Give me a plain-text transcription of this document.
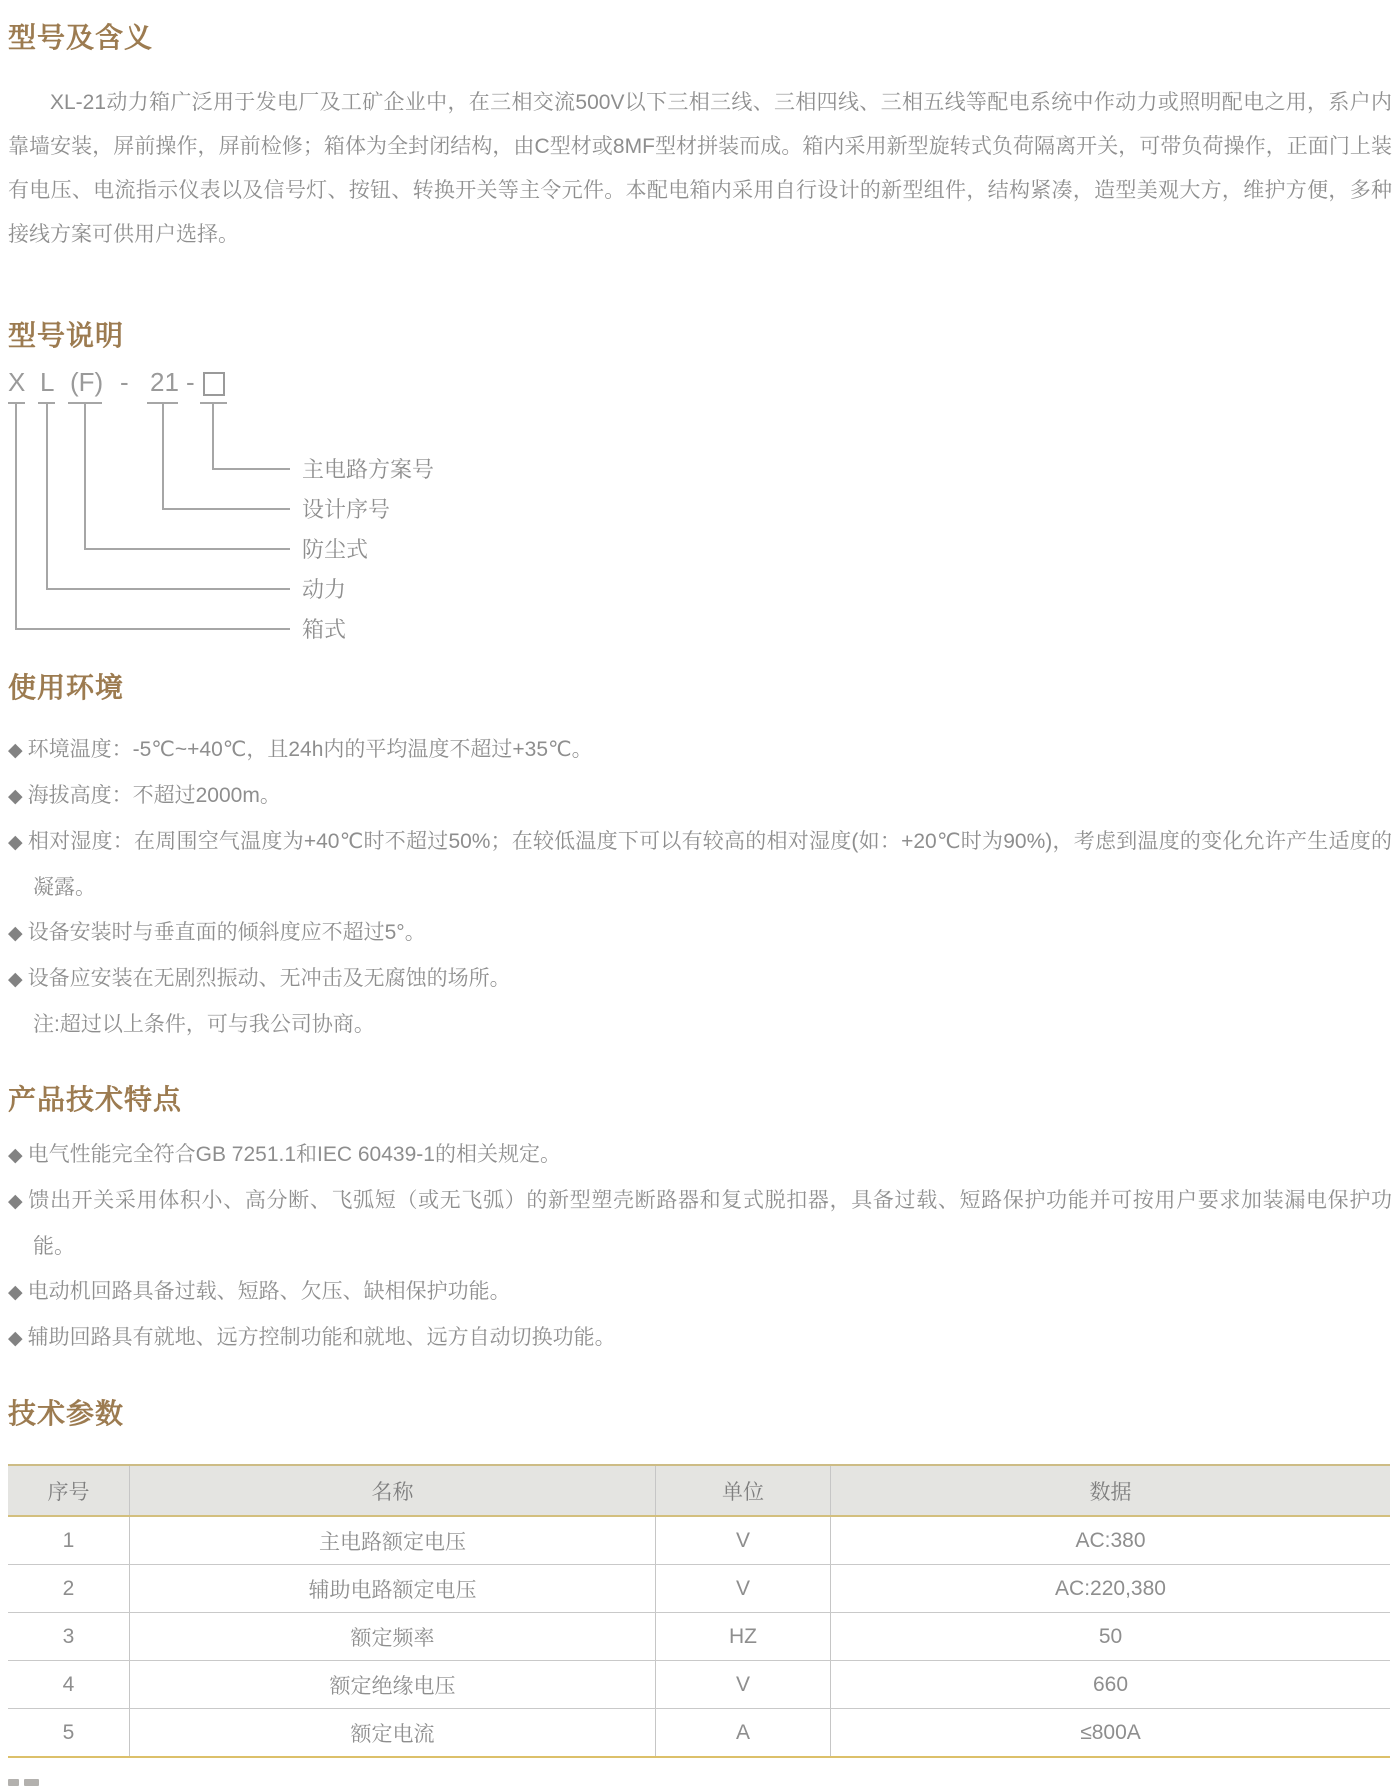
型号及含义

XL-21动力箱广泛用于发电厂及工矿企业中，在三相交流500V以下三相三线、三相四线、三相五线等配电系统中作动力或照明配电之用，系户内靠墙安装，屏前操作，屏前检修；箱体为全封闭结构，由C型材或8MF型材拼装而成。箱内采用新型旋转式负荷隔离开关，可带负荷操作，正面门上装有电压、电流指示仪表以及信号灯、按钮、转换开关等主令元件。本配电箱内采用自行设计的新型组件，结构紧凑，造型美观大方，维护方便，多种接线方案可供用户选择。

型号说明
X L (F) - 21 -
主电路方案号
设计序号
防尘式
动力
箱式
使用环境
◆ 环境温度：-5℃~+40℃，且24h内的平均温度不超过+35℃。
◆ 海拔高度：不超过2000m。
◆ 相对湿度：在周围空气温度为+40℃时不超过50%；在较低温度下可以有较高的相对湿度(如：+20℃时为90%)，考虑到温度的变化允许产生适度的凝露。
◆ 设备安装时与垂直面的倾斜度应不超过5°。
◆ 设备应安装在无剧烈振动、无冲击及无腐蚀的场所。
注:超过以上条件，可与我公司协商。
产品技术特点
◆ 电气性能完全符合GB 7251.1和IEC 60439-1的相关规定。
◆ 馈出开关采用体积小、高分断、飞弧短（或无飞弧）的新型塑壳断路器和复式脱扣器，具备过载、短路保护功能并可按用户要求加装漏电保护功能。
◆ 电动机回路具备过载、短路、欠压、缺相保护功能。
◆ 辅助回路具有就地、远方控制功能和就地、远方自动切换功能。
技术参数
序号	名称	单位	数据
1	主电路额定电压	V	AC:380
2	辅助电路额定电压	V	AC:220,380
3	额定频率	HZ	50
4	额定绝缘电压	V	660
5	额定电流	A	≤800A
